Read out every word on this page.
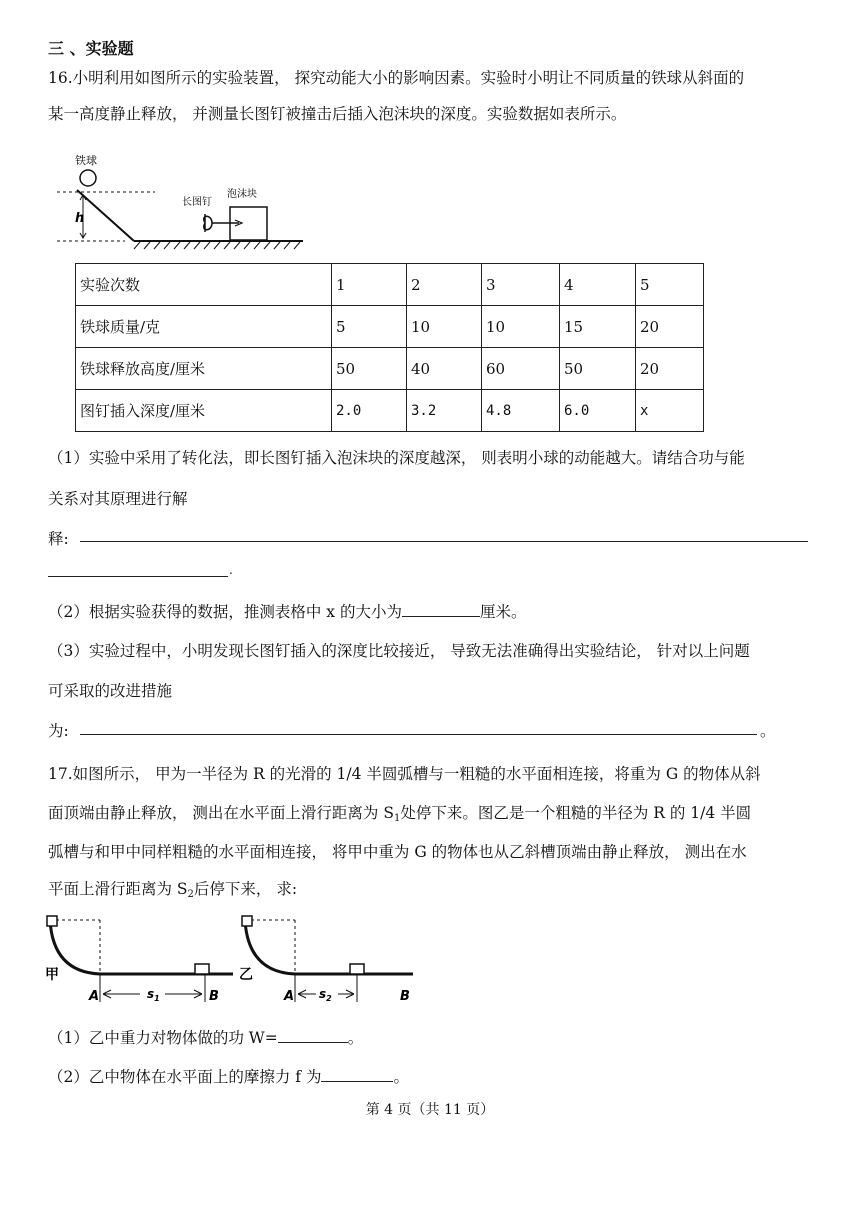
三 、实验题
16.小明利用如图所示的实验装置， 探究动能大小的影响因素。实验时小明让不同质量的铁球从斜面的
某一高度静止释放， 并测量长图钉被撞击后插入泡沫块的深度。实验数据如表所示。
铁球
h
长图钉
泡沫块
实验次数	1	2	3	4	5
铁球质量/克	5	10	10	15	20
铁球释放高度/厘米	50	40	60	50	20
图钉插入深度/厘米	2.0	3.2	4.8	6.0	x
（1）实验中采用了转化法，即长图钉插入泡沫块的深度越深， 则表明小球的动能越大。请结合功与能
关系对其原理进行解
释:
.
（2）根据实验获得的数据，推测表格中 x 的大小为	厘米。
（3）实验过程中，小明发现长图钉插入的深度比较接近， 导致无法准确得出实验结论， 针对以上问题
可采取的改进措施
为:	。
17.如图所示， 甲为一半径为 R 的光滑的 1/4 半圆弧槽与一粗糙的水平面相连接，将重为 G 的物体从斜
面顶端由静止释放， 测出在水平面上滑行距离为 $S_1$处停下来。图乙是一个粗糙的半径为 R 的 1/4 半圆
弧槽与和甲中同样粗糙的水平面相连接， 将甲中重为 G 的物体也从乙斜槽顶端由静止释放， 测出在水
平面上滑行距离为 $S_2$后停下来， 求:
甲
A	B
$s_1$
乙
A	B
$s_2$
（1）乙中重力对物体做的功 W=	。
（2）乙中物体在水平面上的摩擦力 f 为	。
第 4 页（共 11 页）
